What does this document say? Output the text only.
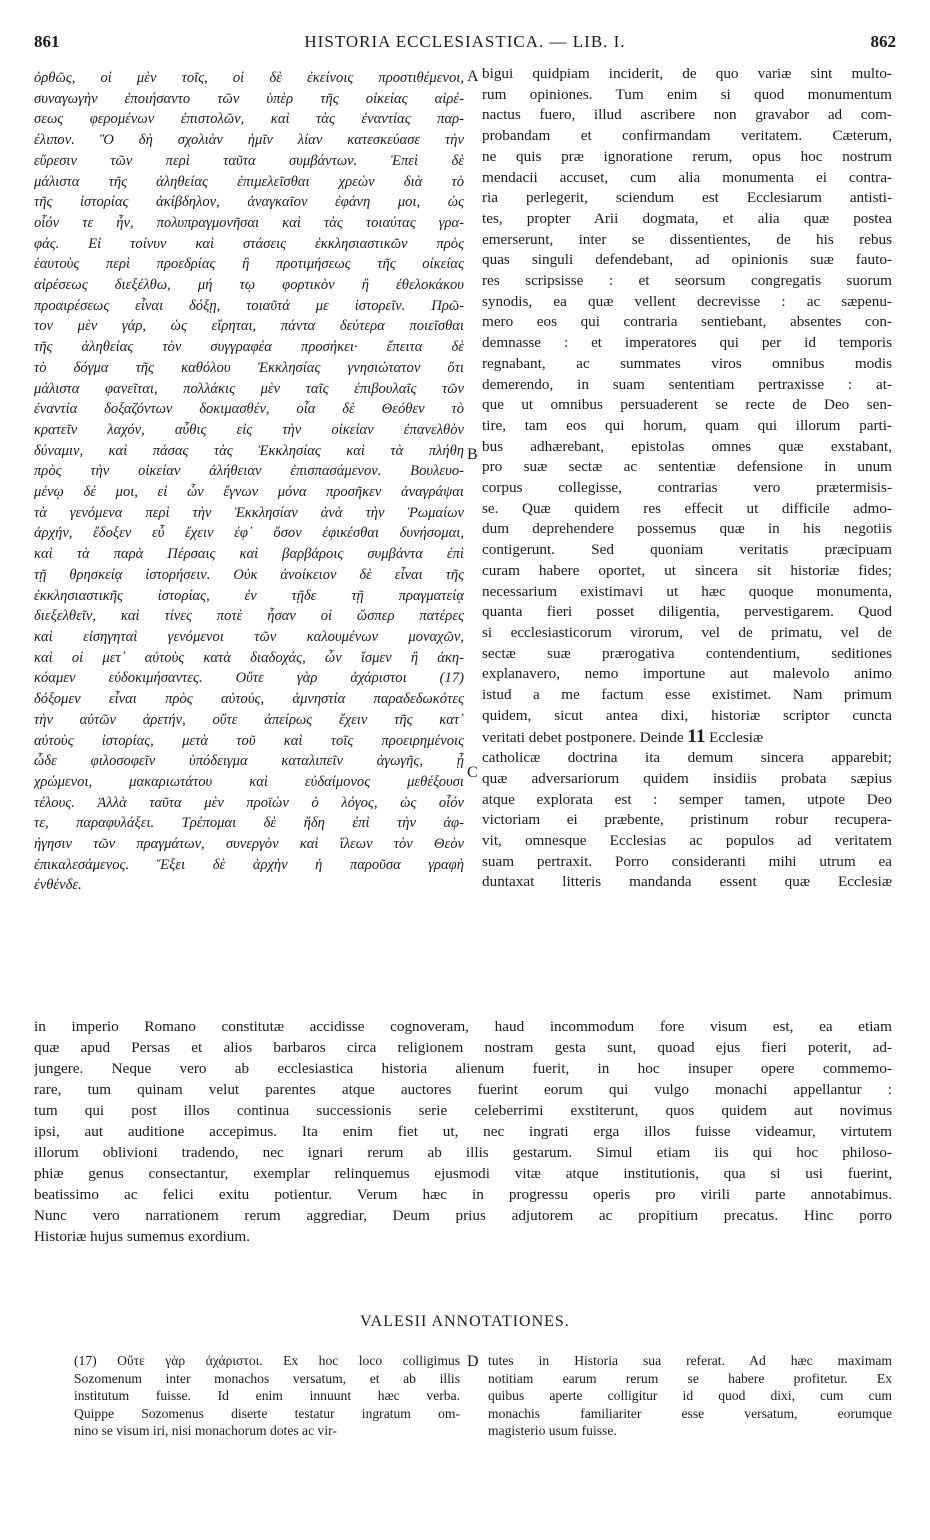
861	HISTORIA ECCLESIASTICA. — LIB. I.	862
ὀρθῶς, οἱ μὲν τοῖς, οἱ δὲ ἐκείνοις προστιθέμενοι,
συναγωγὴν ἐποιήσαντο τῶν ὑπὲρ τῆς οἰκείας αἱρέ-
σεως φερομένων ἐπιστολῶν, καὶ τὰς ἐναντίας παρ-
έλιπον. Ὃ δὴ σχολιὰν ἡμῖν λίαν κατεσκεύασε τὴν
εὕρεσιν τῶν περὶ ταῦτα συμβάντων. Ἐπεὶ δὲ
μάλιστα τῆς ἀληθείας ἐπιμελεῖσθαι χρεὼν διὰ τὸ
τῆς ἱστορίας ἀκίβδηλον, ἀναγκαῖον ἐφάνη μοι, ὡς
οἷόν τε ἦν, πολυπραγμονῆσαι καὶ τὰς τοιαύτας γρα-
φάς. Εἰ τοίνυν καὶ στάσεις ἐκκλησιαστικῶν πρὸς
ἑαυτοὺς περὶ προεδρίας ἢ προτιμήσεως τῆς οἰκείας
αἱρέσεως διεξέλθω, μή τῳ φορτικὸν ἢ ἐθελοκάκου
προαιρέσεως εἶναι δόξῃ, τοιαῦτά με ἱστορεῖν. Πρῶ-
τον μὲν γάρ, ὡς εἴρηται, πάντα δεύτερα ποιεῖσθαι
τῆς ἀληθείας τὸν συγγραφέα προσήκει· ἔπειτα δὲ
τὸ δόγμα τῆς καθόλου Ἐκκλησίας γνησιώτατον ὅτι
μάλιστα φανεῖται, πολλάκις μὲν ταῖς ἐπιβουλαῖς τῶν
ἐναντία δοξαζόντων δοκιμασθέν, οἷα δὲ Θεόθεν τὸ
κρατεῖν λαχόν, αὖθις εἰς τὴν οἰκείαν ἐπανελθὸν
δύναμιν, καὶ πάσας τὰς Ἐκκλησίας καὶ τὰ πλήθη
πρὸς τὴν οἰκείαν ἀλήθειαν ἐπισπασάμενον. Βουλευο-
μένῳ δέ μοι, εἰ ὧν ἔγνων μόνα προσῆκεν ἀναγράψαι
τὰ γενόμενα περὶ τὴν Ἐκκλησίαν ἀνὰ τὴν Ῥωμαίων
ἀρχήν, ἔδοξεν εὖ ἔχειν ἐφ᾽ ὅσον ἐφικέσθαι δυνήσομαι,
καὶ τὰ παρὰ Πέρσαις καὶ βαρβάροις συμβάντα ἐπὶ
τῇ θρησκείᾳ ἱστορήσειν. Οὐκ ἀνοίκειον δὲ εἶναι τῆς
ἐκκλησιαστικῆς ἱστορίας, ἐν τῇδε τῇ πραγματείᾳ
διεξελθεῖν, καὶ τίνες ποτὲ ἦσαν οἱ ὥσπερ πατέρες
καὶ εἰσηγηταὶ γενόμενοι τῶν καλουμένων μοναχῶν,
καὶ οἱ μετ᾽ αὐτοὺς κατὰ διαδοχάς, ὧν ἴσμεν ἢ ἀκη-
κόαμεν εὐδοκιμήσαντες. Οὔτε γὰρ ἀχάριστοι (17)
δόξομεν εἶναι πρὸς αὐτούς, ἀμνηστία παραδεδωκότες
τὴν αὐτῶν ἀρετήν, οὔτε ἀπείρως ἔχειν τῆς κατ᾽
αὐτοὺς ἱστορίας, μετὰ τοῦ καὶ τοῖς προειρημένοις
ὧδε φιλοσοφεῖν ὑπόδειγμα καταλιπεῖν ἀγωγῆς, ᾗ
χρώμενοι, μακαριωτάτου καὶ εὐδαίμονος μεθέξουσι
τέλους. Ἀλλὰ ταῦτα μὲν προϊὼν ὁ λόγος, ὡς οἷόν
τε, παραφυλάξει. Τρέπομαι δὲ ἤδη ἐπὶ τὴν ἀφ-
ήγησιν τῶν πραγμάτων, συνεργὸν καὶ ἵλεων τὸν Θεὸν
ἐπικαλεσάμενος. Ἕξει δὲ ἀρχὴν ἡ παροῦσα γραφὴ
ἐνθένδε.
bigui quidpiam inciderit, de quo variæ sint multo-
rum opiniones. Tum enim si quod monumentum
nactus fuero, illud ascribere non gravabor ad com-
probandam et confirmandam veritatem. Cæterum,
ne quis præ ignoratione rerum, opus hoc nostrum
mendacii accuset, cum alia monumenta ei contra-
ria perlegerit, sciendum est Ecclesiarum antisti-
tes, propter Arii dogmata, et alia quæ postea
emerserunt, inter se dissentientes, de his rebus
quas singuli defendebant, ad opinionis suæ fauto-
res scripsisse : et seorsum congregatis suorum
synodis, ea quæ vellent decrevisse : ac sæpenu-
mero eos qui contraria sentiebant, absentes con-
demnasse : et imperatores qui per id temporis
regnabant, ac summates viros omnibus modis
demerendo, in suam sententiam pertraxisse : at-
que ut omnibus persuaderent se recte de Deo sen-
tire, tam eos qui horum, quam qui illorum parti-
bus adhærebant, epistolas omnes quæ exstabant,
pro suæ sectæ ac sententiæ defensione in unum
corpus collegisse, contrarias vero prætermisis-
se. Quæ quidem res effecit ut difficile admo-
dum deprehendere possemus quæ in his negotiis
contigerunt. Sed quoniam veritatis præcipuam
curam habere oportet, ut sincera sit historiæ fides;
necessarium existimavi ut hæc quoque monumenta,
quanta fieri posset diligentia, pervestigarem. Quod
si ecclesiasticorum virorum, vel de primatu, vel de
sectæ suæ prærogativa contendentium, seditiones
explanavero, nemo importune aut malevolo animo
istud a me factum esse existimet. Nam primum
quidem, sicut antea dixi, historiæ scriptor cuncta
veritati debet postponere. Deinde 11 Ecclesiæ
catholicæ doctrina ita demum sincera apparebit;
quæ adversariorum quidem insidiis probata sæpius
atque explorata est : semper tamen, utpote Deo
victoriam ei præbente, pristinum robur recupera-
vit, omnesque Ecclesias ac populos ad veritatem
suam pertraxit. Porro consideranti mihi utrum ea
duntaxat litteris mandanda essent quæ Ecclesiæ
A
B
C
D
in imperio Romano constitutæ accidisse cognoveram, haud incommodum fore visum est, ea etiam
quæ apud Persas et alios barbaros circa religionem nostram gesta sunt, quoad ejus fieri poterit, ad-
jungere. Neque vero ab ecclesiastica historia alienum fuerit, in hoc insuper opere commemo-
rare, tum quinam velut parentes atque auctores fuerint eorum qui vulgo monachi appellantur :
tum qui post illos continua successionis serie celeberrimi exstiterunt, quos quidem aut novimus
ipsi, aut auditione accepimus. Ita enim fiet ut, nec ingrati erga illos fuisse videamur, virtutem
illorum oblivioni tradendo, nec ignari rerum ab illis gestarum. Simul etiam iis qui hoc philoso-
phiæ genus consectantur, exemplar relinquemus ejusmodi vitæ atque institutionis, qua si usi fuerint,
beatissimo ac felici exitu potientur. Verum hæc in progressu operis pro virili parte annotabimus.
Nunc vero narrationem rerum aggrediar, Deum prius adjutorem ac propitium precatus. Hinc porro
Historiæ hujus sumemus exordium.
VALESII ANNOTATIONES.
(17) Οὔτε γὰρ ἀχάριστοι. Ex hoc loco colligimus
Sozomenum inter monachos versatum, et ab illis
institutum fuisse. Id enim innuunt hæc verba.
Quippe Sozomenus diserte testatur ingratum om-
nino se visum iri, nisi monachorum dotes ac vir-
tutes in Historia sua referat. Ad hæc maximam
notitiam earum rerum se habere profitetur. Ex
quibus aperte colligitur id quod dixi, cum cum
monachis familiariter esse versatum, eorumque
magisterio usum fuisse.
